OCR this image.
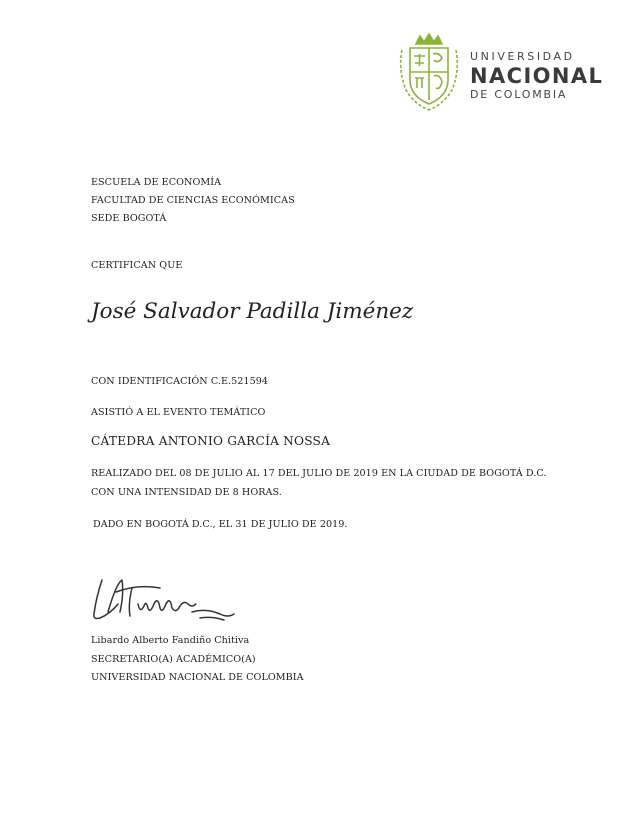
UNIVERSIDAD
NACIONAL
DE COLOMBIA
ESCUELA DE ECONOMÍA
FACULTAD DE CIENCIAS ECONÓMICAS
SEDE BOGOTÁ
CERTIFICAN QUE
José Salvador Padilla Jiménez
CON IDENTIFICACIÓN C.E.521594
ASISTIÓ A EL EVENTO TEMÁTICO
CÁTEDRA ANTONIO GARCÍA NOSSA
REALIZADO DEL 08 DE JULIO AL 17 DEL JULIO DE 2019 EN LA CIUDAD DE BOGOTÁ D.C.
CON UNA INTENSIDAD DE 8 HORAS.
DADO EN BOGOTÁ D.C., EL 31 DE JULIO DE 2019.
Libardo Alberto Fandiño Chitiva
SECRETARIO(A) ACADÉMICO(A)
UNIVERSIDAD NACIONAL DE COLOMBIA
